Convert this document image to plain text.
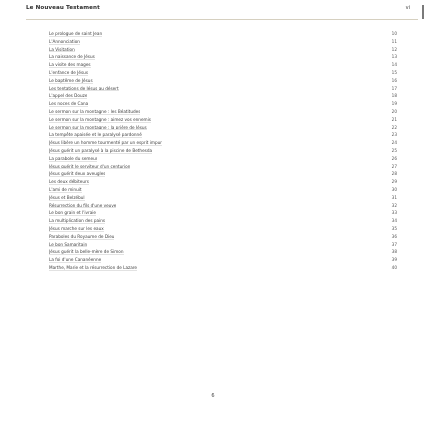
Le Nouveau Testament	vi
Le prologue de saint Jean	10
L'Annonciation	11
La Visitation	12
La naissance de Jésus	13
La visite des mages	14
L'enfance de Jésus	15
Le baptême de Jésus	16
Les tentations de Jésus au désert	17
L'appel des Douze	18
Les noces de Cana	19
Le sermon sur la montagne : les Béatitudes	20
Le sermon sur la montagne : aimez vos ennemis	21
Le sermon sur la montagne : la prière de Jésus	22
La tempête apaisée et le paralysé pardonné	23
Jésus libère un homme tourmenté par un esprit impur	24
Jésus guérit un paralysé à la piscine de Bethesda	25
La parabole du semeur	26
Jésus guérit le serviteur d'un centurion	27
Jésus guérit deux aveugles	28
Les deux débiteurs	29
L'ami de minuit	30
Jésus et Belzébul	31
Résurrection du fils d'une veuve	32
Le bon grain et l'ivraie	33
La multiplication des pains	34
Jésus marche sur les eaux	35
Paraboles du Royaume de Dieu	36
Le bon Samaritain	37
Jésus guérit la belle-mère de Simon	38
La foi d'une Cananéenne	39
Marthe, Marie et la résurrection de Lazare	40
6
